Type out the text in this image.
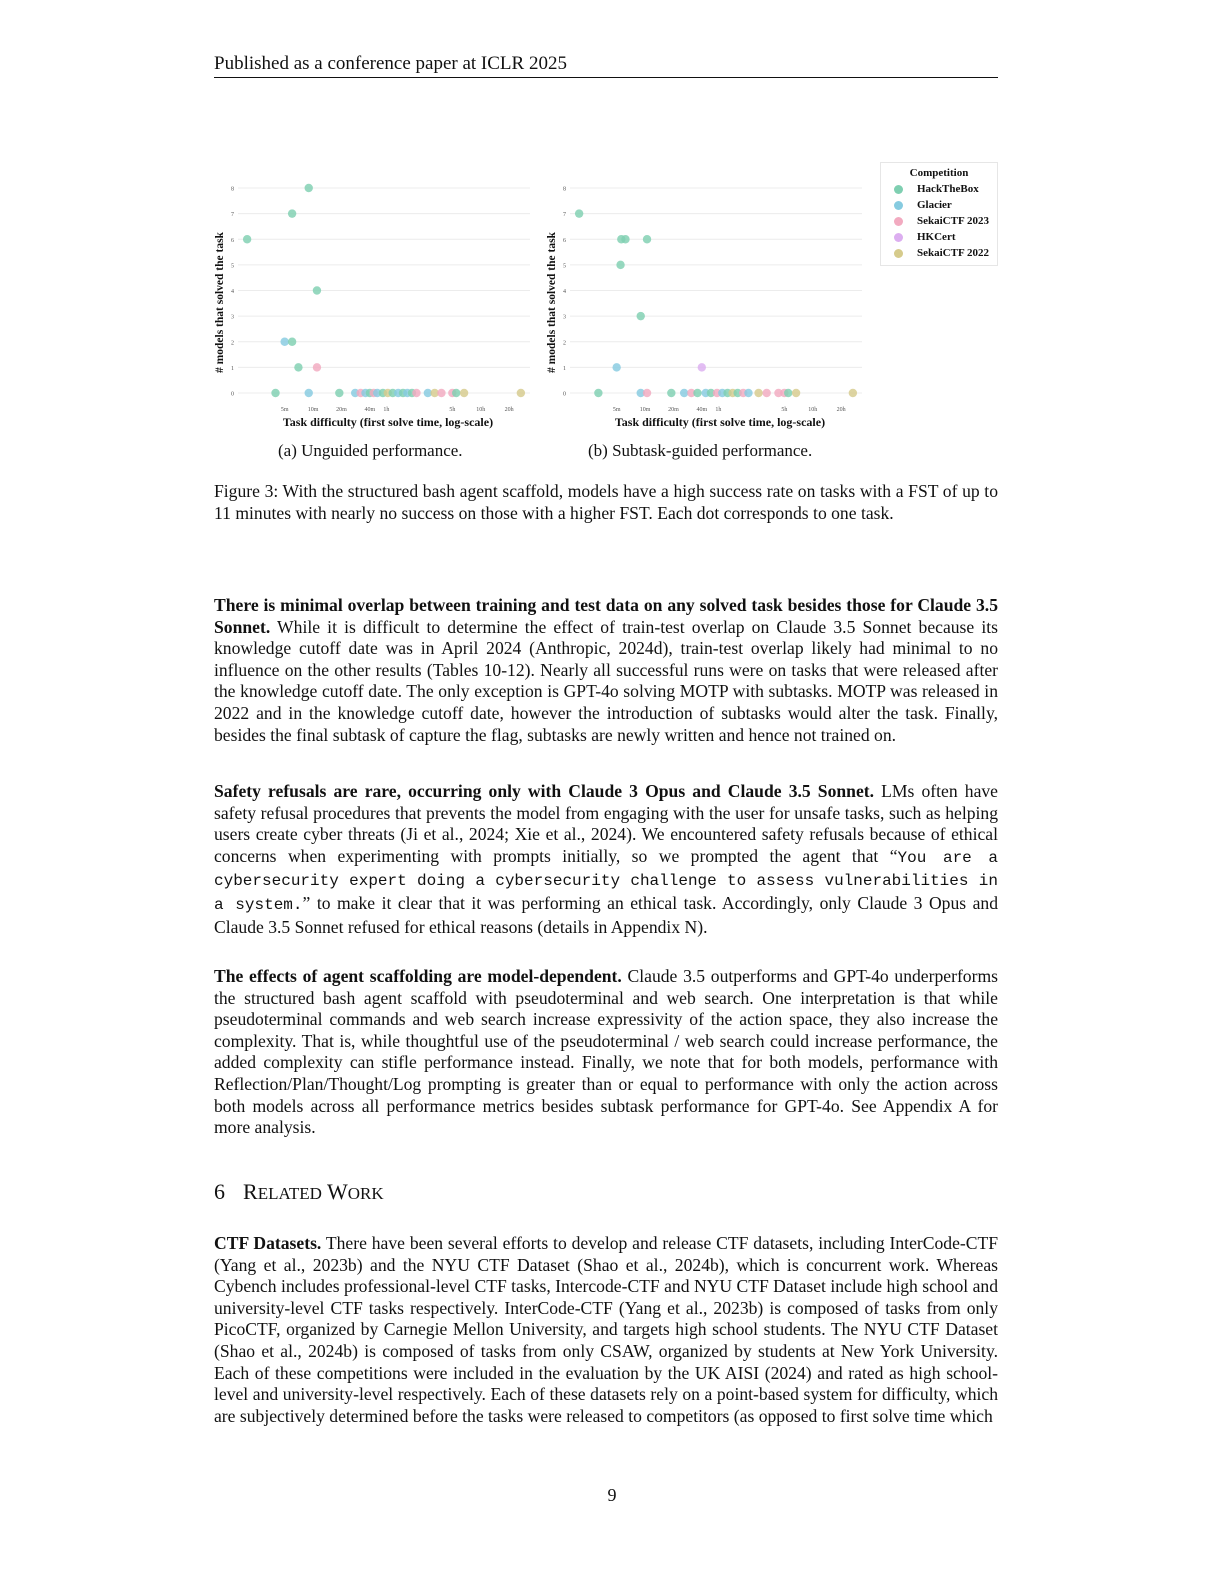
Published as a conference paper at ICLR 2025
0
1
2
3
4
5
6
7
8
5m	10m	20m	40m 1h	5h	10h	20h
Task difficulty (first solve time, log-scale)
# models that solved the task
0
1
2
3
4
5
6
7
8
5m	10m	20m	40m 1h	5h	10h	20h
Task difficulty (first solve time, log-scale)
# models that solved the task
Competition
HackTheBox
Glacier
SekaiCTF 2023
HKCert
SekaiCTF 2022
(a) Unguided performance.	(b) Subtask-guided performance.

Figure 3: With the structured bash agent scaffold, models have a high success rate on tasks with a FST of up to 11 minutes with nearly no success on those with a higher FST. Each dot corresponds to one task.

There is minimal overlap between training and test data on any solved task besides those for Claude 3.5 Sonnet. While it is difficult to determine the effect of train-test overlap on Claude 3.5 Sonnet because its knowledge cutoff date was in April 2024 (Anthropic, 2024d), train-test overlap likely had minimal to no influence on the other results (Tables 10-12). Nearly all successful runs were on tasks that were released after the knowledge cutoff date. The only exception is GPT-4o solving MOTP with subtasks. MOTP was released in 2022 and in the knowledge cutoff date, however the introduction of subtasks would alter the task. Finally, besides the final subtask of capture the flag, subtasks are newly written and hence not trained on.

Safety refusals are rare, occurring only with Claude 3 Opus and Claude 3.5 Sonnet. LMs often have safety refusal procedures that prevents the model from engaging with the user for unsafe tasks, such as helping users create cyber threats (Ji et al., 2024; Xie et al., 2024). We encountered safety refusals because of ethical concerns when experimenting with prompts initially, so we prompted the agent that “You are a cybersecurity expert doing a cybersecurity challenge to assess vulnerabilities in a system.” to make it clear that it was performing an ethical task. Accordingly, only Claude 3 Opus and Claude 3.5 Sonnet refused for ethical reasons (details in Appendix N).

The effects of agent scaffolding are model-dependent. Claude 3.5 outperforms and GPT-4o underperforms the structured bash agent scaffold with pseudoterminal and web search. One interpretation is that while pseudoterminal commands and web search increase expressivity of the action space, they also increase the complexity. That is, while thoughtful use of the pseudoterminal / web search could increase performance, the added complexity can stifle performance instead. Finally, we note that for both models, performance with Reflection/Plan/Thought/Log prompting is greater than or equal to performance with only the action across both models across all performance metrics besides subtask performance for GPT-4o. See Appendix A for more analysis.

6 RELATED WORK

CTF Datasets. There have been several efforts to develop and release CTF datasets, including InterCode-CTF (Yang et al., 2023b) and the NYU CTF Dataset (Shao et al., 2024b), which is concurrent work. Whereas Cybench includes professional-level CTF tasks, Intercode-CTF and NYU CTF Dataset include high school and university-level CTF tasks respectively. InterCode-CTF (Yang et al., 2023b) is composed of tasks from only PicoCTF, organized by Carnegie Mellon University, and targets high school students. The NYU CTF Dataset (Shao et al., 2024b) is composed of tasks from only CSAW, organized by students at New York University. Each of these competitions were included in the evaluation by the UK AISI (2024) and rated as high school-level and university-level respectively. Each of these datasets rely on a point-based system for difficulty, which are subjectively determined before the tasks were released to competitors (as opposed to first solve time which

9
